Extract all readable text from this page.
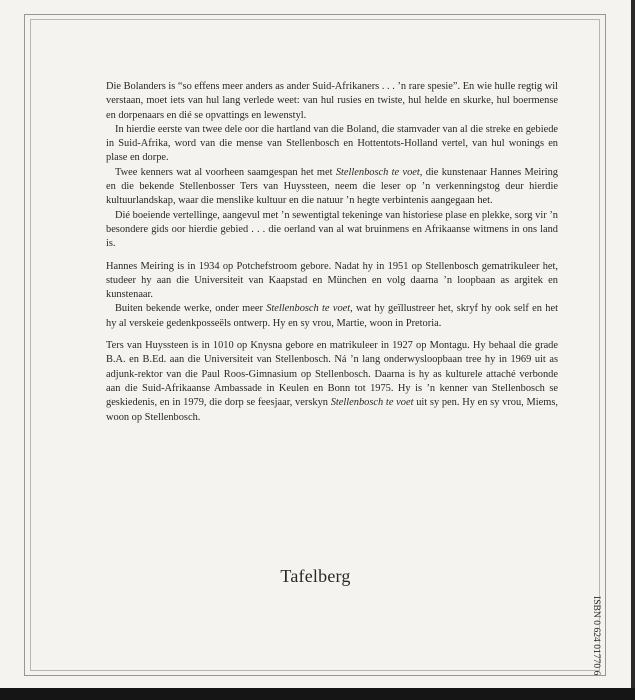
Die Bolanders is “so effens meer anders as ander Suid-Afrikaners . . . ’n rare spesie”. En wie hulle regtig wil verstaan, moet iets van hul lang verlede weet: van hul rusies en twiste, hul helde en skurke, hul boermense en dorpenaars en dié se opvattings en lewenstyl.

In hierdie eerste van twee dele oor die hartland van die Boland, die stamvader van al die streke en gebiede in Suid-Afrika, word van die mense van Stellenbosch en Hottentots-Holland vertel, van hul wonings en plase en dorpe.

Twee kenners wat al voorheen saamgespan het met Stellenbosch te voet, die kunstenaar Hannes Meiring en die bekende Stellenbosser Ters van Huyssteen, neem die leser op ’n verkenningstog deur hierdie kultuurlandskap, waar die menslike kultuur en die natuur ’n hegte verbintenis aangegaan het.

Dié boeiende vertellinge, aangevul met ’n sewentigtal tekeninge van historiese plase en plekke, sorg vir ’n besondere gids oor hierdie gebied . . . die oerland van al wat bruinmens en Afrikaanse witmens in ons land is.

Hannes Meiring is in 1934 op Potchefstroom gebore. Nadat hy in 1951 op Stellenbosch gematrikuleer het, studeer hy aan die Universiteit van Kaapstad en München en volg daarna ’n loopbaan as argitek en kunstenaar.

Buiten bekende werke, onder meer Stellenbosch te voet, wat hy geïllustreer het, skryf hy ook self en het hy al verskeie gedenkposseëls ontwerp. Hy en sy vrou, Martie, woon in Pretoria.

Ters van Huyssteen is in 1010 op Knysna gebore en matrikuleer in 1927 op Montagu. Hy behaal die grade B.A. en B.Ed. aan die Universiteit van Stellenbosch. Ná ’n lang onderwysloopbaan tree hy in 1969 uit as adjunk-rektor van die Paul Roos-Gimnasium op Stellenbosch. Daarna is hy as kulturele attaché verbonde aan die Suid-Afrikaanse Ambassade in Keulen en Bonn tot 1975. Hy is ’n kenner van Stellenbosch se geskiedenis, en in 1979, die dorp se feesjaar, verskyn Stellenbosch te voet uit sy pen. Hy en sy vrou, Miems, woon op Stellenbosch.

Tafelberg
ISBN 0 624 01770 6
